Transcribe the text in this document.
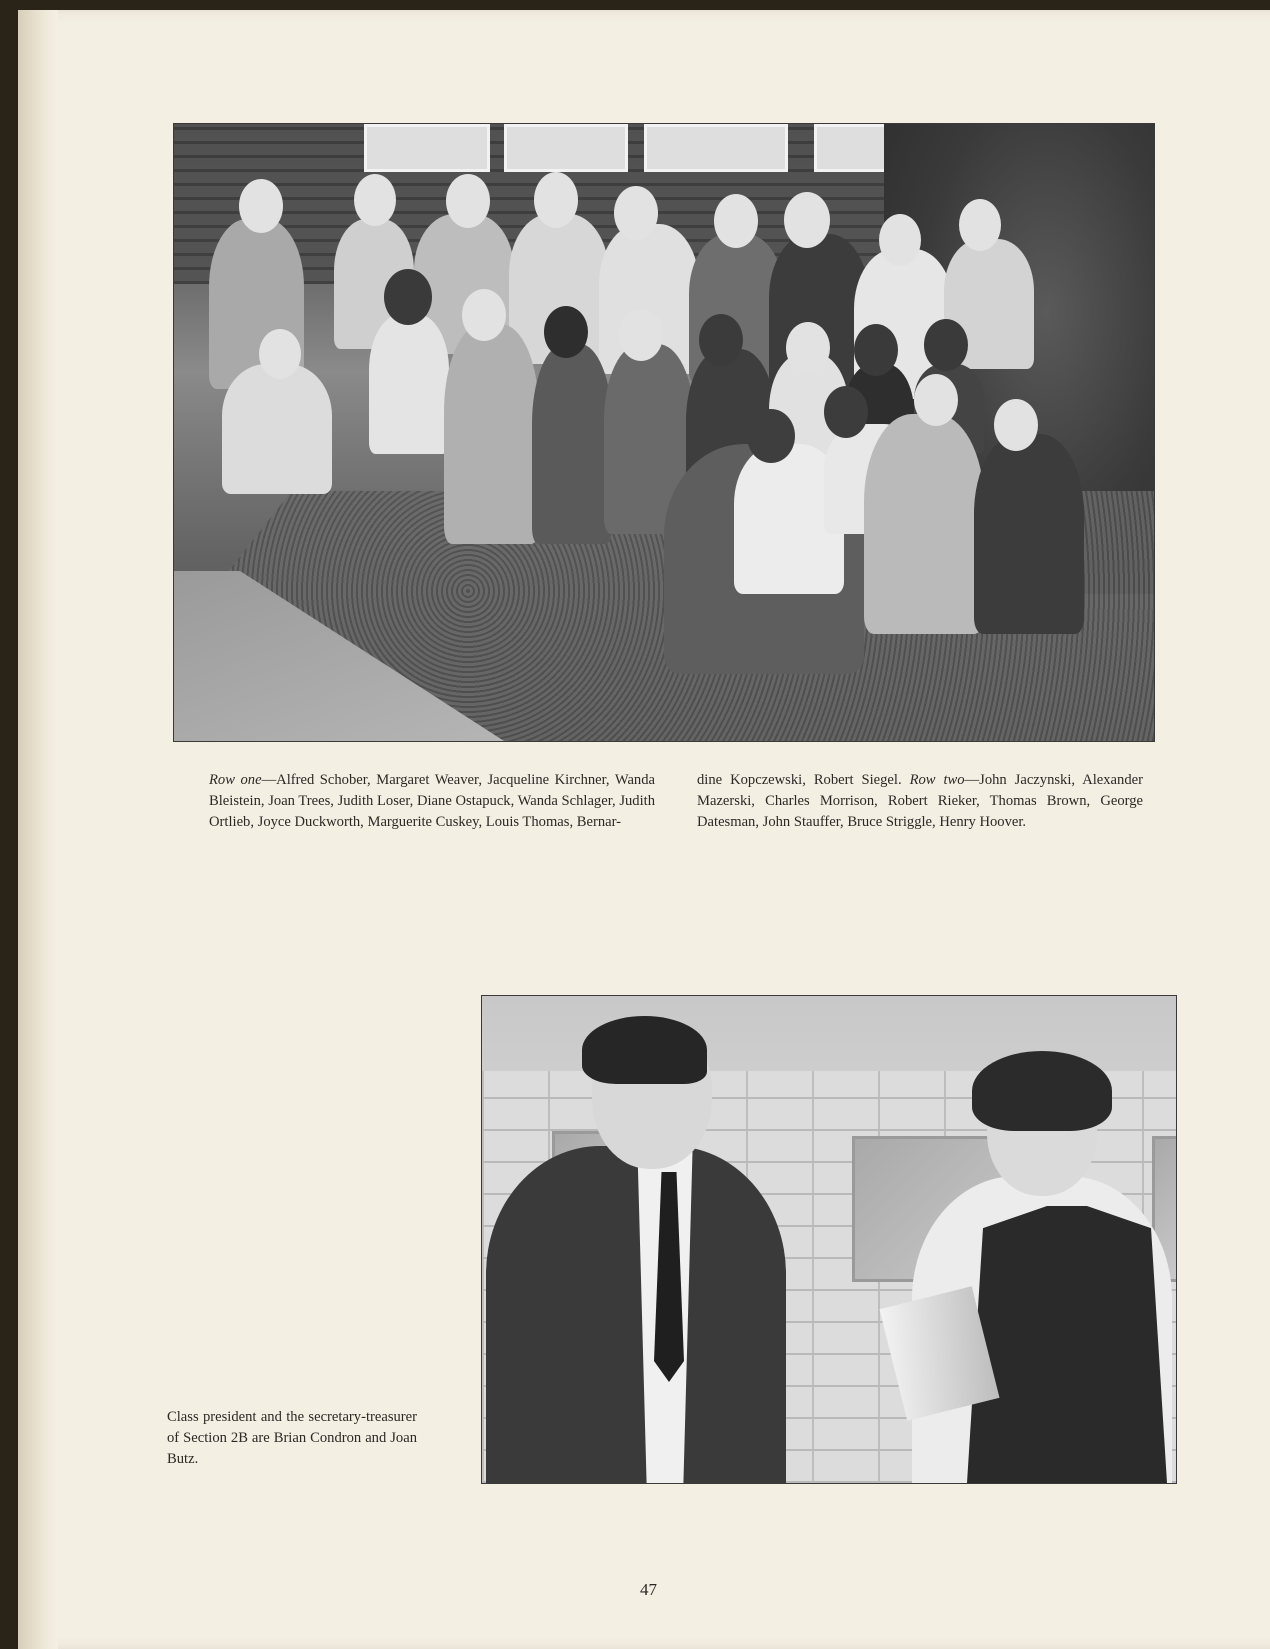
Row one—Alfred Schober, Margaret Weaver, Jacqueline Kirchner, Wanda Bleistein, Joan Trees, Judith Loser, Diane Ostapuck, Wanda Schlager, Judith Ortlieb, Joyce Duckworth, Marguerite Cuskey, Louis Thomas, Bernar-
dine Kopczewski, Robert Siegel. Row two—John Jaczynski, Alexander Mazerski, Charles Morrison, Robert Rieker, Thomas Brown, George Datesman, John Stauffer, Bruce Striggle, Henry Hoover.
Class president and the secretary-treasurer of Section 2B are Brian Condron and Joan Butz.
47
